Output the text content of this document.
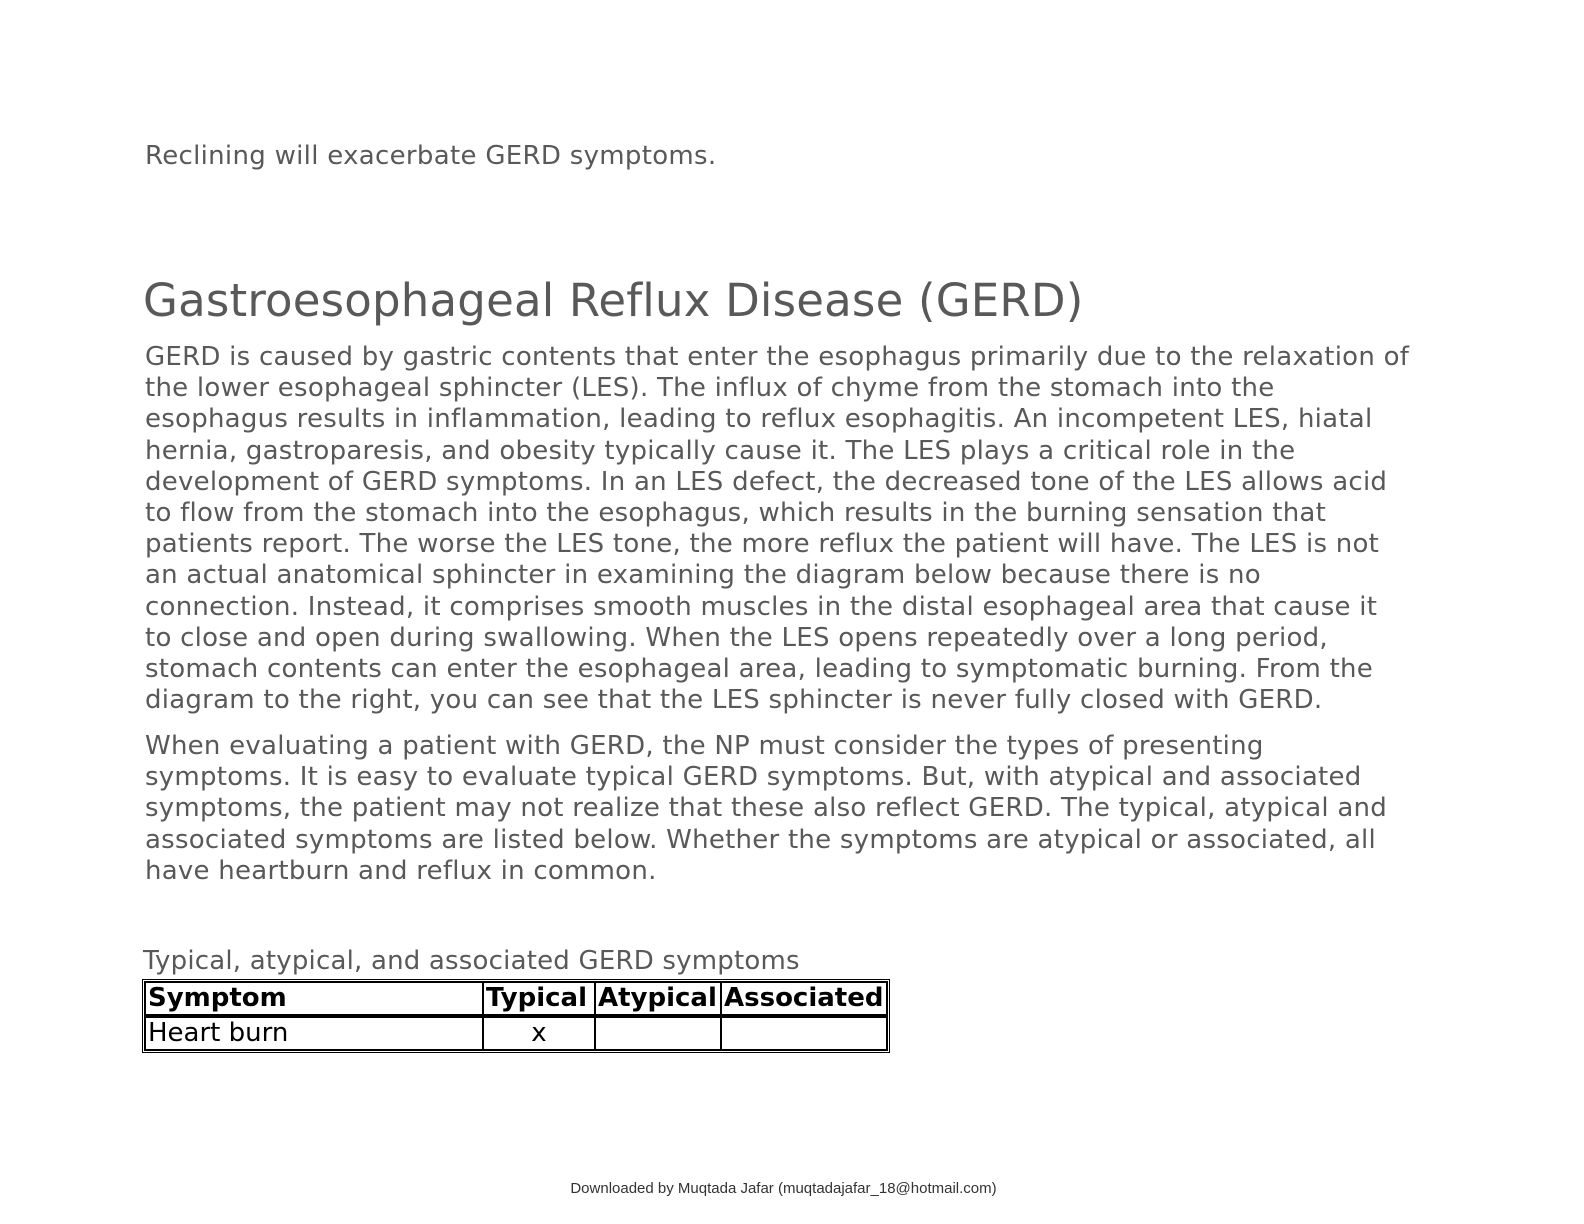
Reclining will exacerbate GERD symptoms.

Gastroesophageal Reflux Disease (GERD)
GERD is caused by gastric contents that enter the esophagus primarily due to the relaxation of
the lower esophageal sphincter (LES). The influx of chyme from the stomach into the
esophagus results in inflammation, leading to reflux esophagitis. An incompetent LES, hiatal
hernia, gastroparesis, and obesity typically cause it. The LES plays a critical role in the
development of GERD symptoms. In an LES defect, the decreased tone of the LES allows acid
to flow from the stomach into the esophagus, which results in the burning sensation that
patients report. The worse the LES tone, the more reflux the patient will have. The LES is not
an actual anatomical sphincter in examining the diagram below because there is no
connection. Instead, it comprises smooth muscles in the distal esophageal area that cause it
to close and open during swallowing. When the LES opens repeatedly over a long period,
stomach contents can enter the esophageal area, leading to symptomatic burning. From the
diagram to the right, you can see that the LES sphincter is never fully closed with GERD.
When evaluating a patient with GERD, the NP must consider the types of presenting
symptoms. It is easy to evaluate typical GERD symptoms. But, with atypical and associated
symptoms, the patient may not realize that these also reflect GERD. The typical, atypical and
associated symptoms are listed below. Whether the symptoms are atypical or associated, all
have heartburn and reflux in common.

Typical, atypical, and associated GERD symptoms

Symptom	Typical	Atypical	Associated
Heart burn	x		

Downloaded by Muqtada Jafar (muqtadajafar_18@hotmail.com)
